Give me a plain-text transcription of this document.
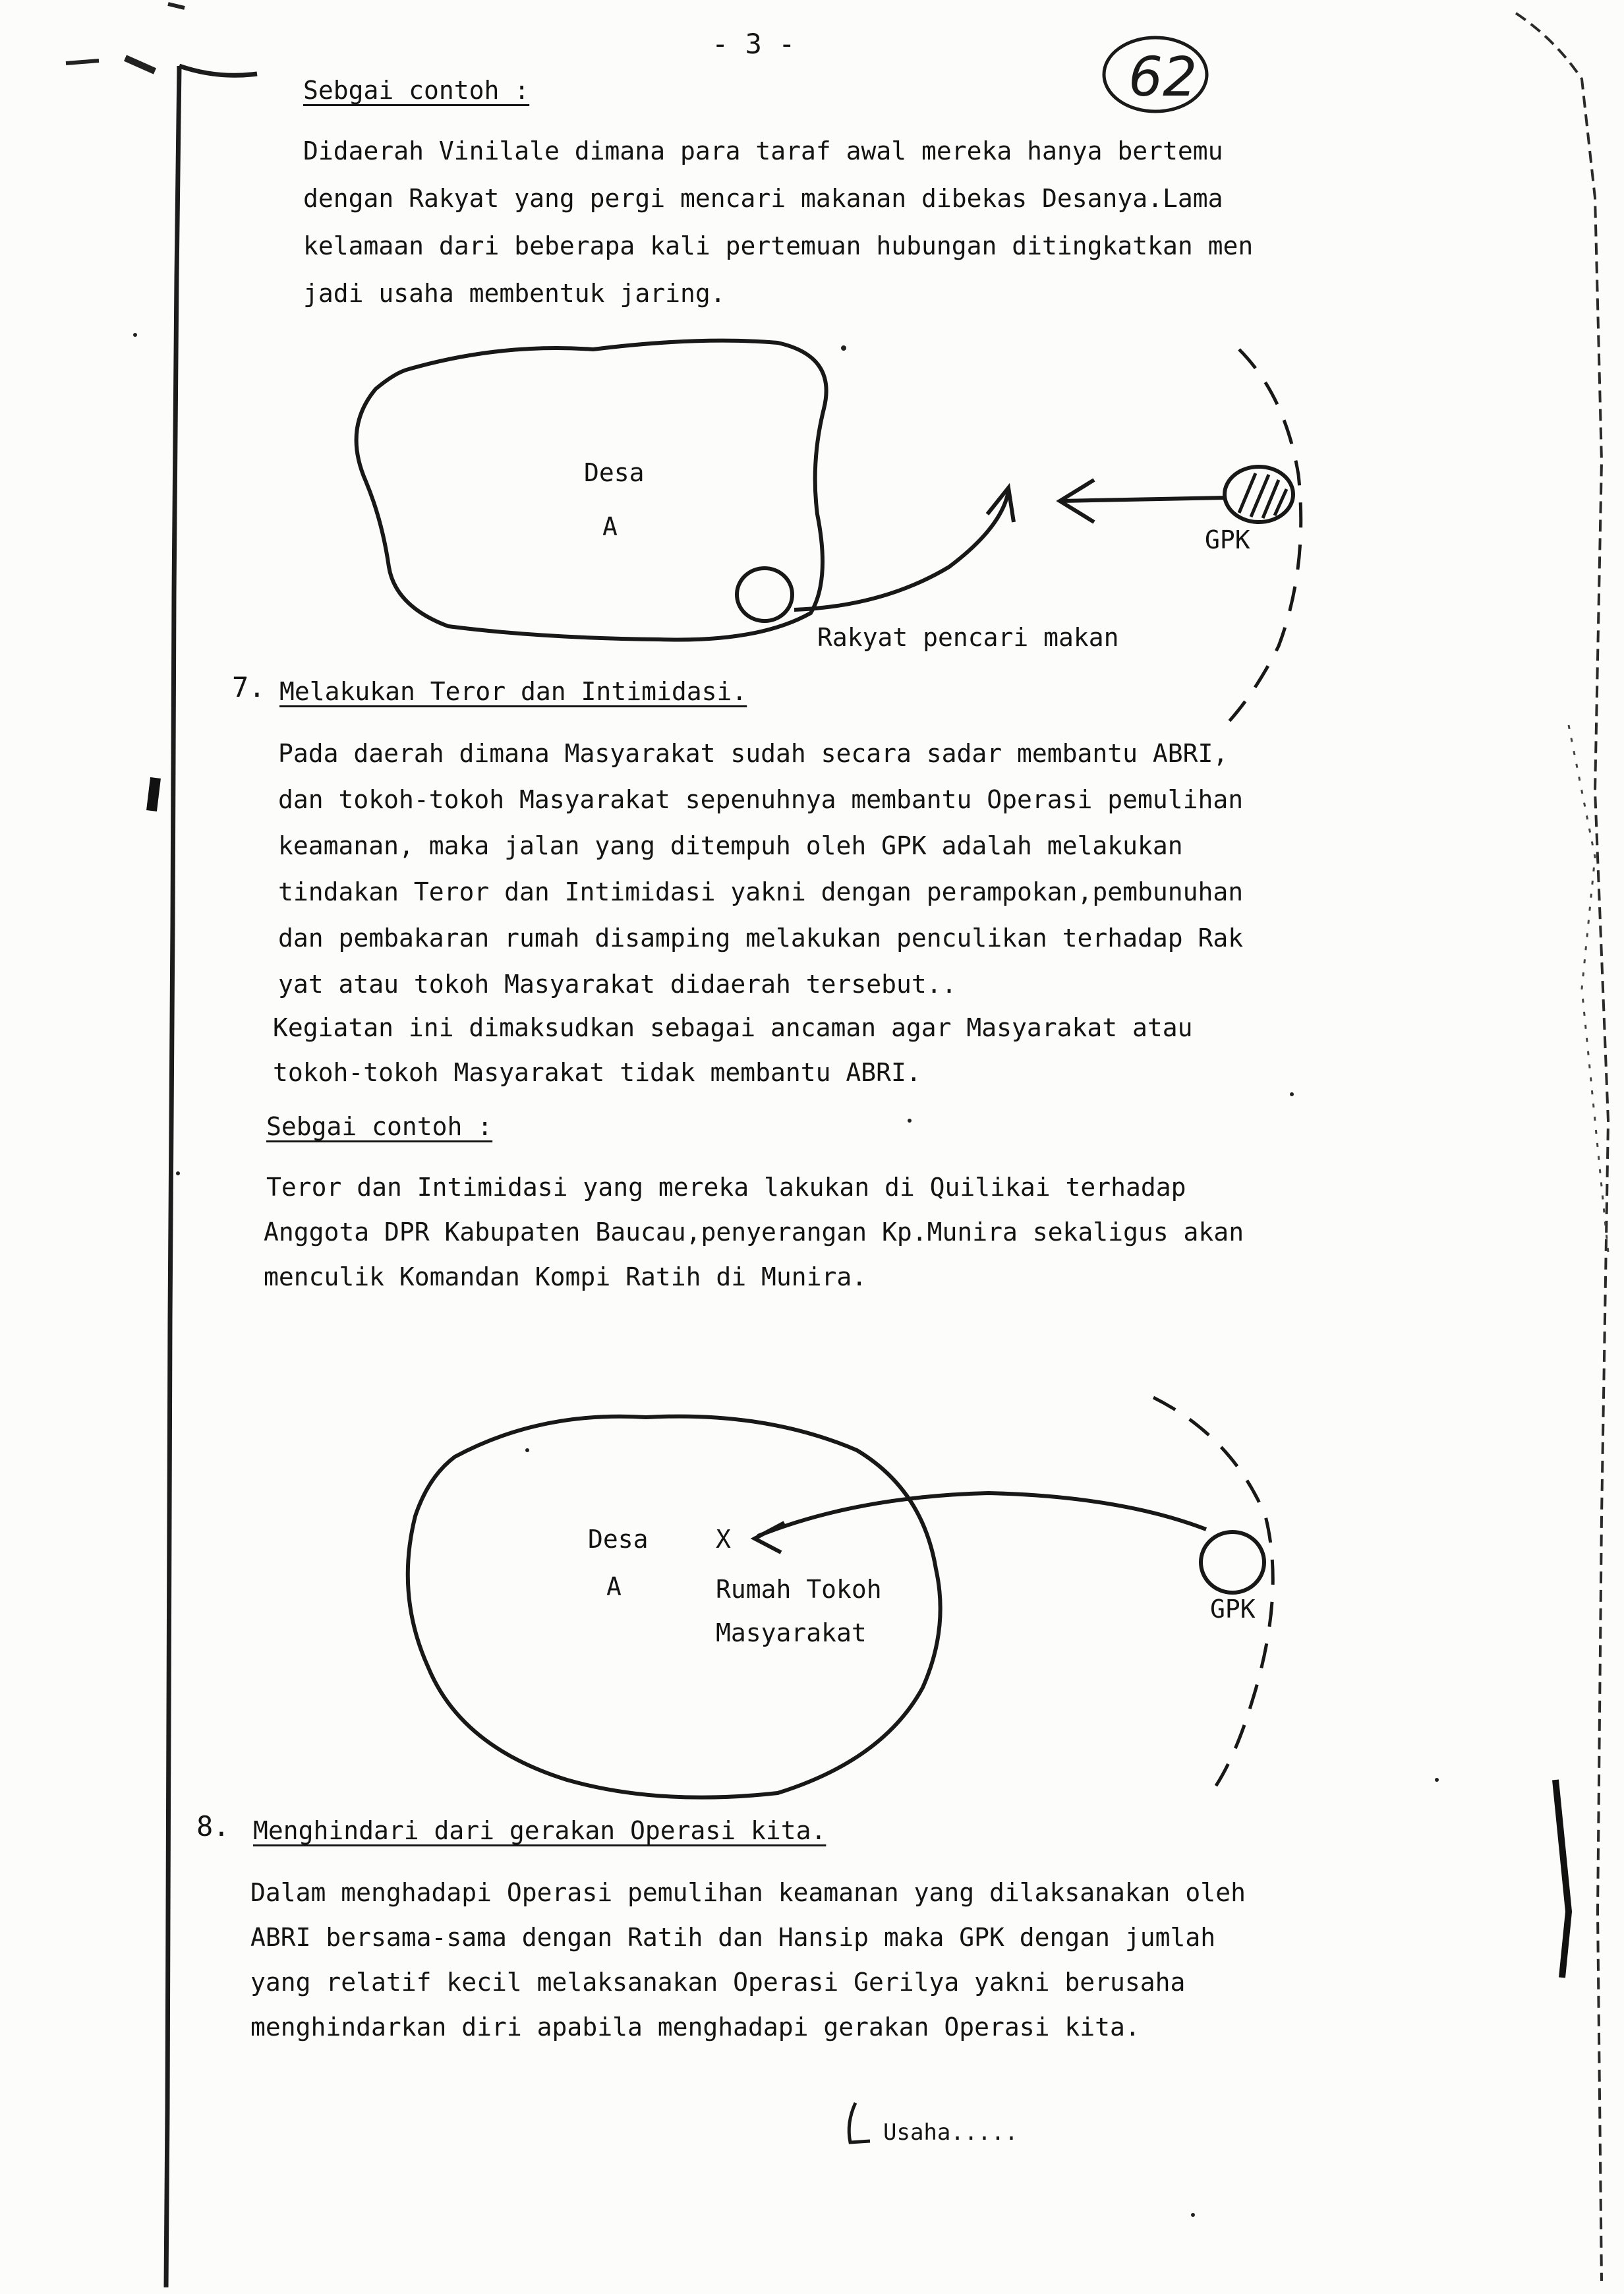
- 3 -
62
Sebgai contoh :
Didaerah Vinilale dimana para taraf awal mereka hanya bertemu
dengan Rakyat yang pergi mencari makanan dibekas Desanya.Lama
kelamaan dari beberapa kali pertemuan hubungan ditingkatkan men
jadi usaha membentuk jaring.
Desa
A	GPK
Rakyat pencari makan
7. Melakukan Teror dan Intimidasi.
Pada daerah dimana Masyarakat sudah secara sadar membantu ABRI,
dan tokoh-tokoh Masyarakat sepenuhnya membantu Operasi pemulihan
keamanan, maka jalan yang ditempuh oleh GPK adalah melakukan
tindakan Teror dan Intimidasi yakni dengan perampokan,pembunuhan
dan pembakaran rumah disamping melakukan penculikan terhadap Rak
yat atau tokoh Masyarakat didaerah tersebut..
Kegiatan ini dimaksudkan sebagai ancaman agar Masyarakat atau
tokoh-tokoh Masyarakat tidak membantu ABRI.
Sebgai contoh :
Teror dan Intimidasi yang mereka lakukan di Quilikai terhadap
Anggota DPR Kabupaten Baucau,penyerangan Kp.Munira sekaligus akan
menculik Komandan Kompi Ratih di Munira.
Desa
A
X
Rumah Tokoh
Masyarakat
GPK
8. Menghindari dari gerakan Operasi kita.
Dalam menghadapi Operasi pemulihan keamanan yang dilaksanakan oleh
ABRI bersama-sama dengan Ratih dan Hansip maka GPK dengan jumlah
yang relatif kecil melaksanakan Operasi Gerilya yakni berusaha
menghindarkan diri apabila menghadapi gerakan Operasi kita.
Usaha.....
